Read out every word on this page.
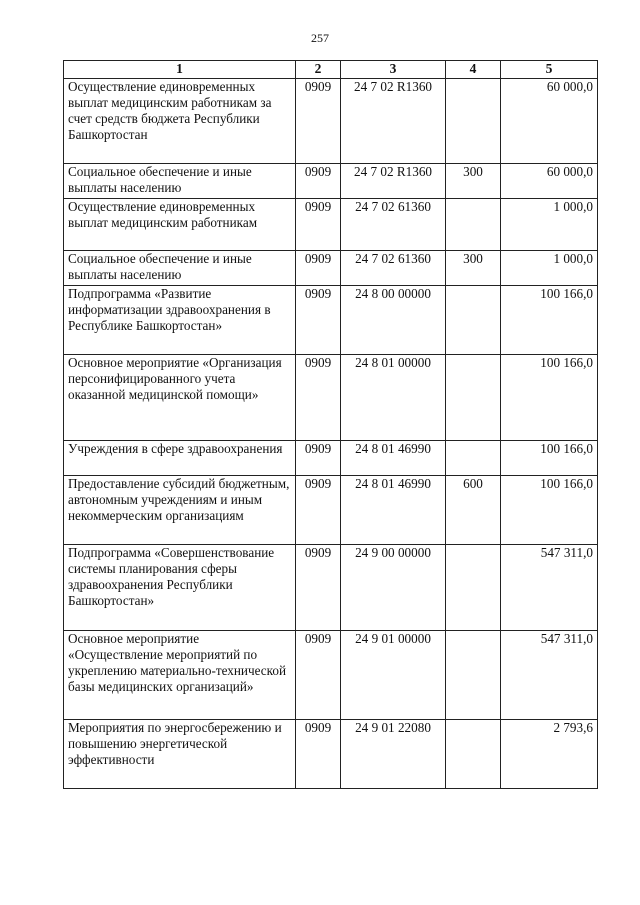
257
1	2	3	4	5
Осуществление единовременных выплат медицинским работникам за счет средств бюджета Республики Башкортостан	0909	24 7 02 R1360		60 000,0
Социальное обеспечение и иные выплаты населению	0909	24 7 02 R1360	300	60 000,0
Осуществление единовременных выплат медицинским работникам	0909	24 7 02 61360		1 000,0
Социальное обеспечение и иные выплаты населению	0909	24 7 02 61360	300	1 000,0
Подпрограмма «Развитие информатизации здравоохранения в Республике Башкортостан»	0909	24 8 00 00000		100 166,0
Основное мероприятие «Организация персонифицированного учета оказанной медицинской помощи»	0909	24 8 01 00000		100 166,0
Учреждения в сфере здравоохранения	0909	24 8 01 46990		100 166,0
Предоставление субсидий бюджетным, автономным учреждениям и иным некоммерческим организациям	0909	24 8 01 46990	600	100 166,0
Подпрограмма «Совершенствование системы планирования сферы здравоохранения Республики Башкортостан»	0909	24 9 00 00000		547 311,0
Основное мероприятие «Осуществление мероприятий по укреплению материально-технической базы медицинских организаций»	0909	24 9 01 00000		547 311,0
Мероприятия по энергосбережению и повышению энергетической эффективности	0909	24 9 01 22080		2 793,6
